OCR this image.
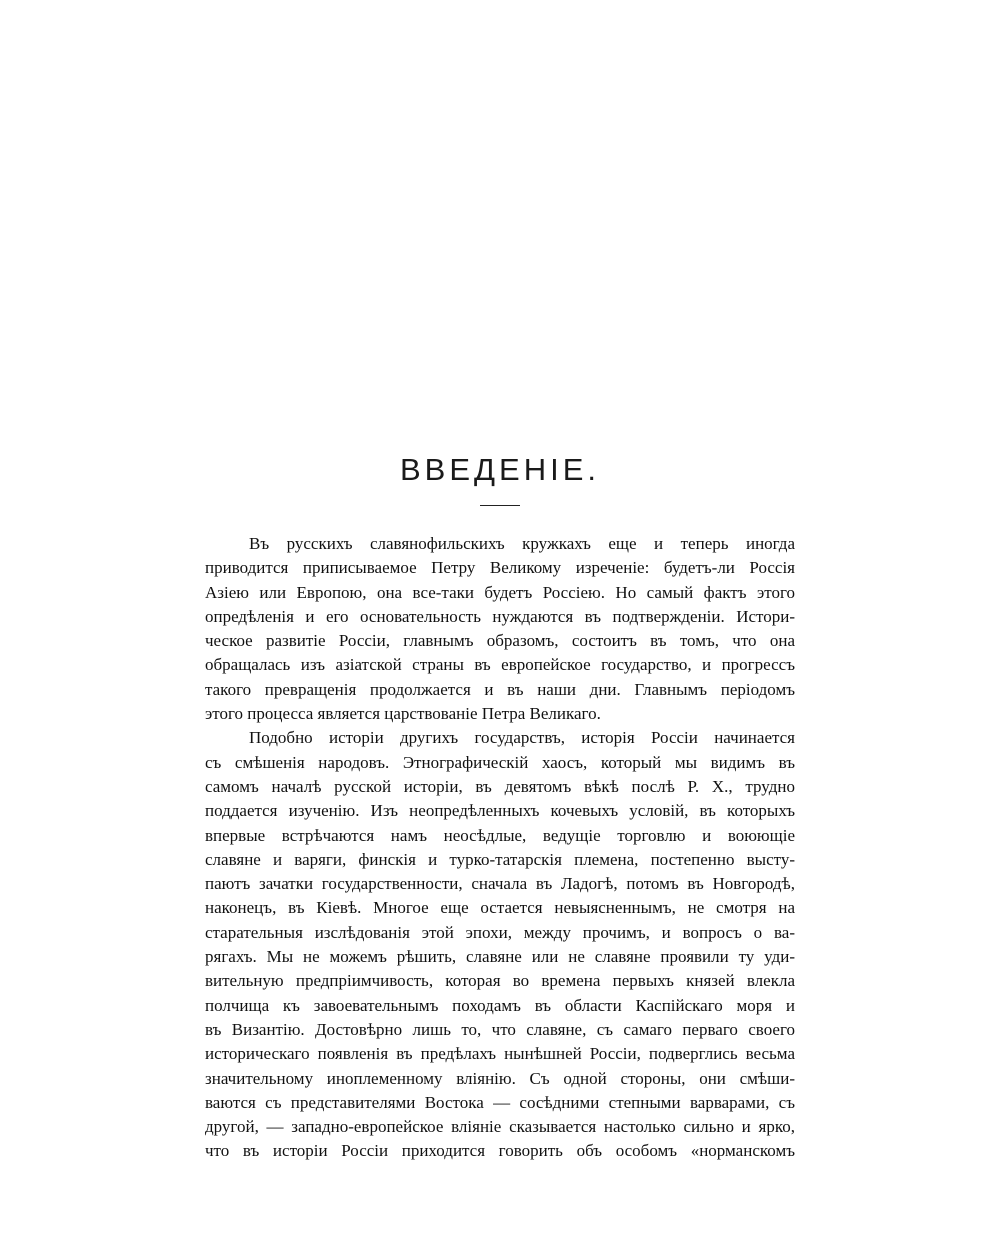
ВВЕДЕНІЕ.
Въ русскихъ славянофильскихъ кружкахъ еще и теперь иногда
приводится приписываемое Петру Великому изреченіе: будетъ-ли Россія
Азіею или Европою, она все-таки будетъ Россіею. Но самый фактъ этого
опредѣленія и его основательность нуждаются въ подтвержденіи. Истори-
ческое развитіе Россіи, главнымъ образомъ, состоитъ въ томъ, что она
обращалась изъ азіатской страны въ европейское государство, и прогрессъ
такого превращенія продолжается и въ наши дни. Главнымъ періодомъ
этого процесса является царствованіе Петра Великаго.
Подобно исторіи другихъ государствъ, исторія Россіи начинается
съ смѣшенія народовъ. Этнографическій хаосъ, который мы видимъ въ
самомъ началѣ русской исторіи, въ девятомъ вѣкѣ послѣ Р. Х., трудно
поддается изученію. Изъ неопредѣленныхъ кочевыхъ условій, въ которыхъ
впервые встрѣчаются намъ неосѣдлые, ведущіе торговлю и воюющіе
славяне и варяги, финскія и турко-татарскія племена, постепенно высту-
паютъ зачатки государственности, сначала въ Ладогѣ, потомъ въ Новгородѣ,
наконецъ, въ Кіевѣ. Многое еще остается невыясненнымъ, не смотря на
старательныя изслѣдованія этой эпохи, между прочимъ, и вопросъ о ва-
рягахъ. Мы не можемъ рѣшить, славяне или не славяне проявили ту уди-
вительную предпріимчивость, которая во времена первыхъ князей влекла
полчища къ завоевательнымъ походамъ въ области Каспійскаго моря и
въ Византію. Достовѣрно лишь то, что славяне, съ самаго перваго своего
историческаго появленія въ предѣлахъ нынѣшней Россіи, подверглись весьма
значительному иноплеменному вліянію. Съ одной стороны, они смѣши-
ваются съ представителями Востока — сосѣдними степными варварами, съ
другой, — западно-европейское вліяніе сказывается настолько сильно и ярко,
что въ исторіи Россіи приходится говорить объ особомъ «норманскомъ
